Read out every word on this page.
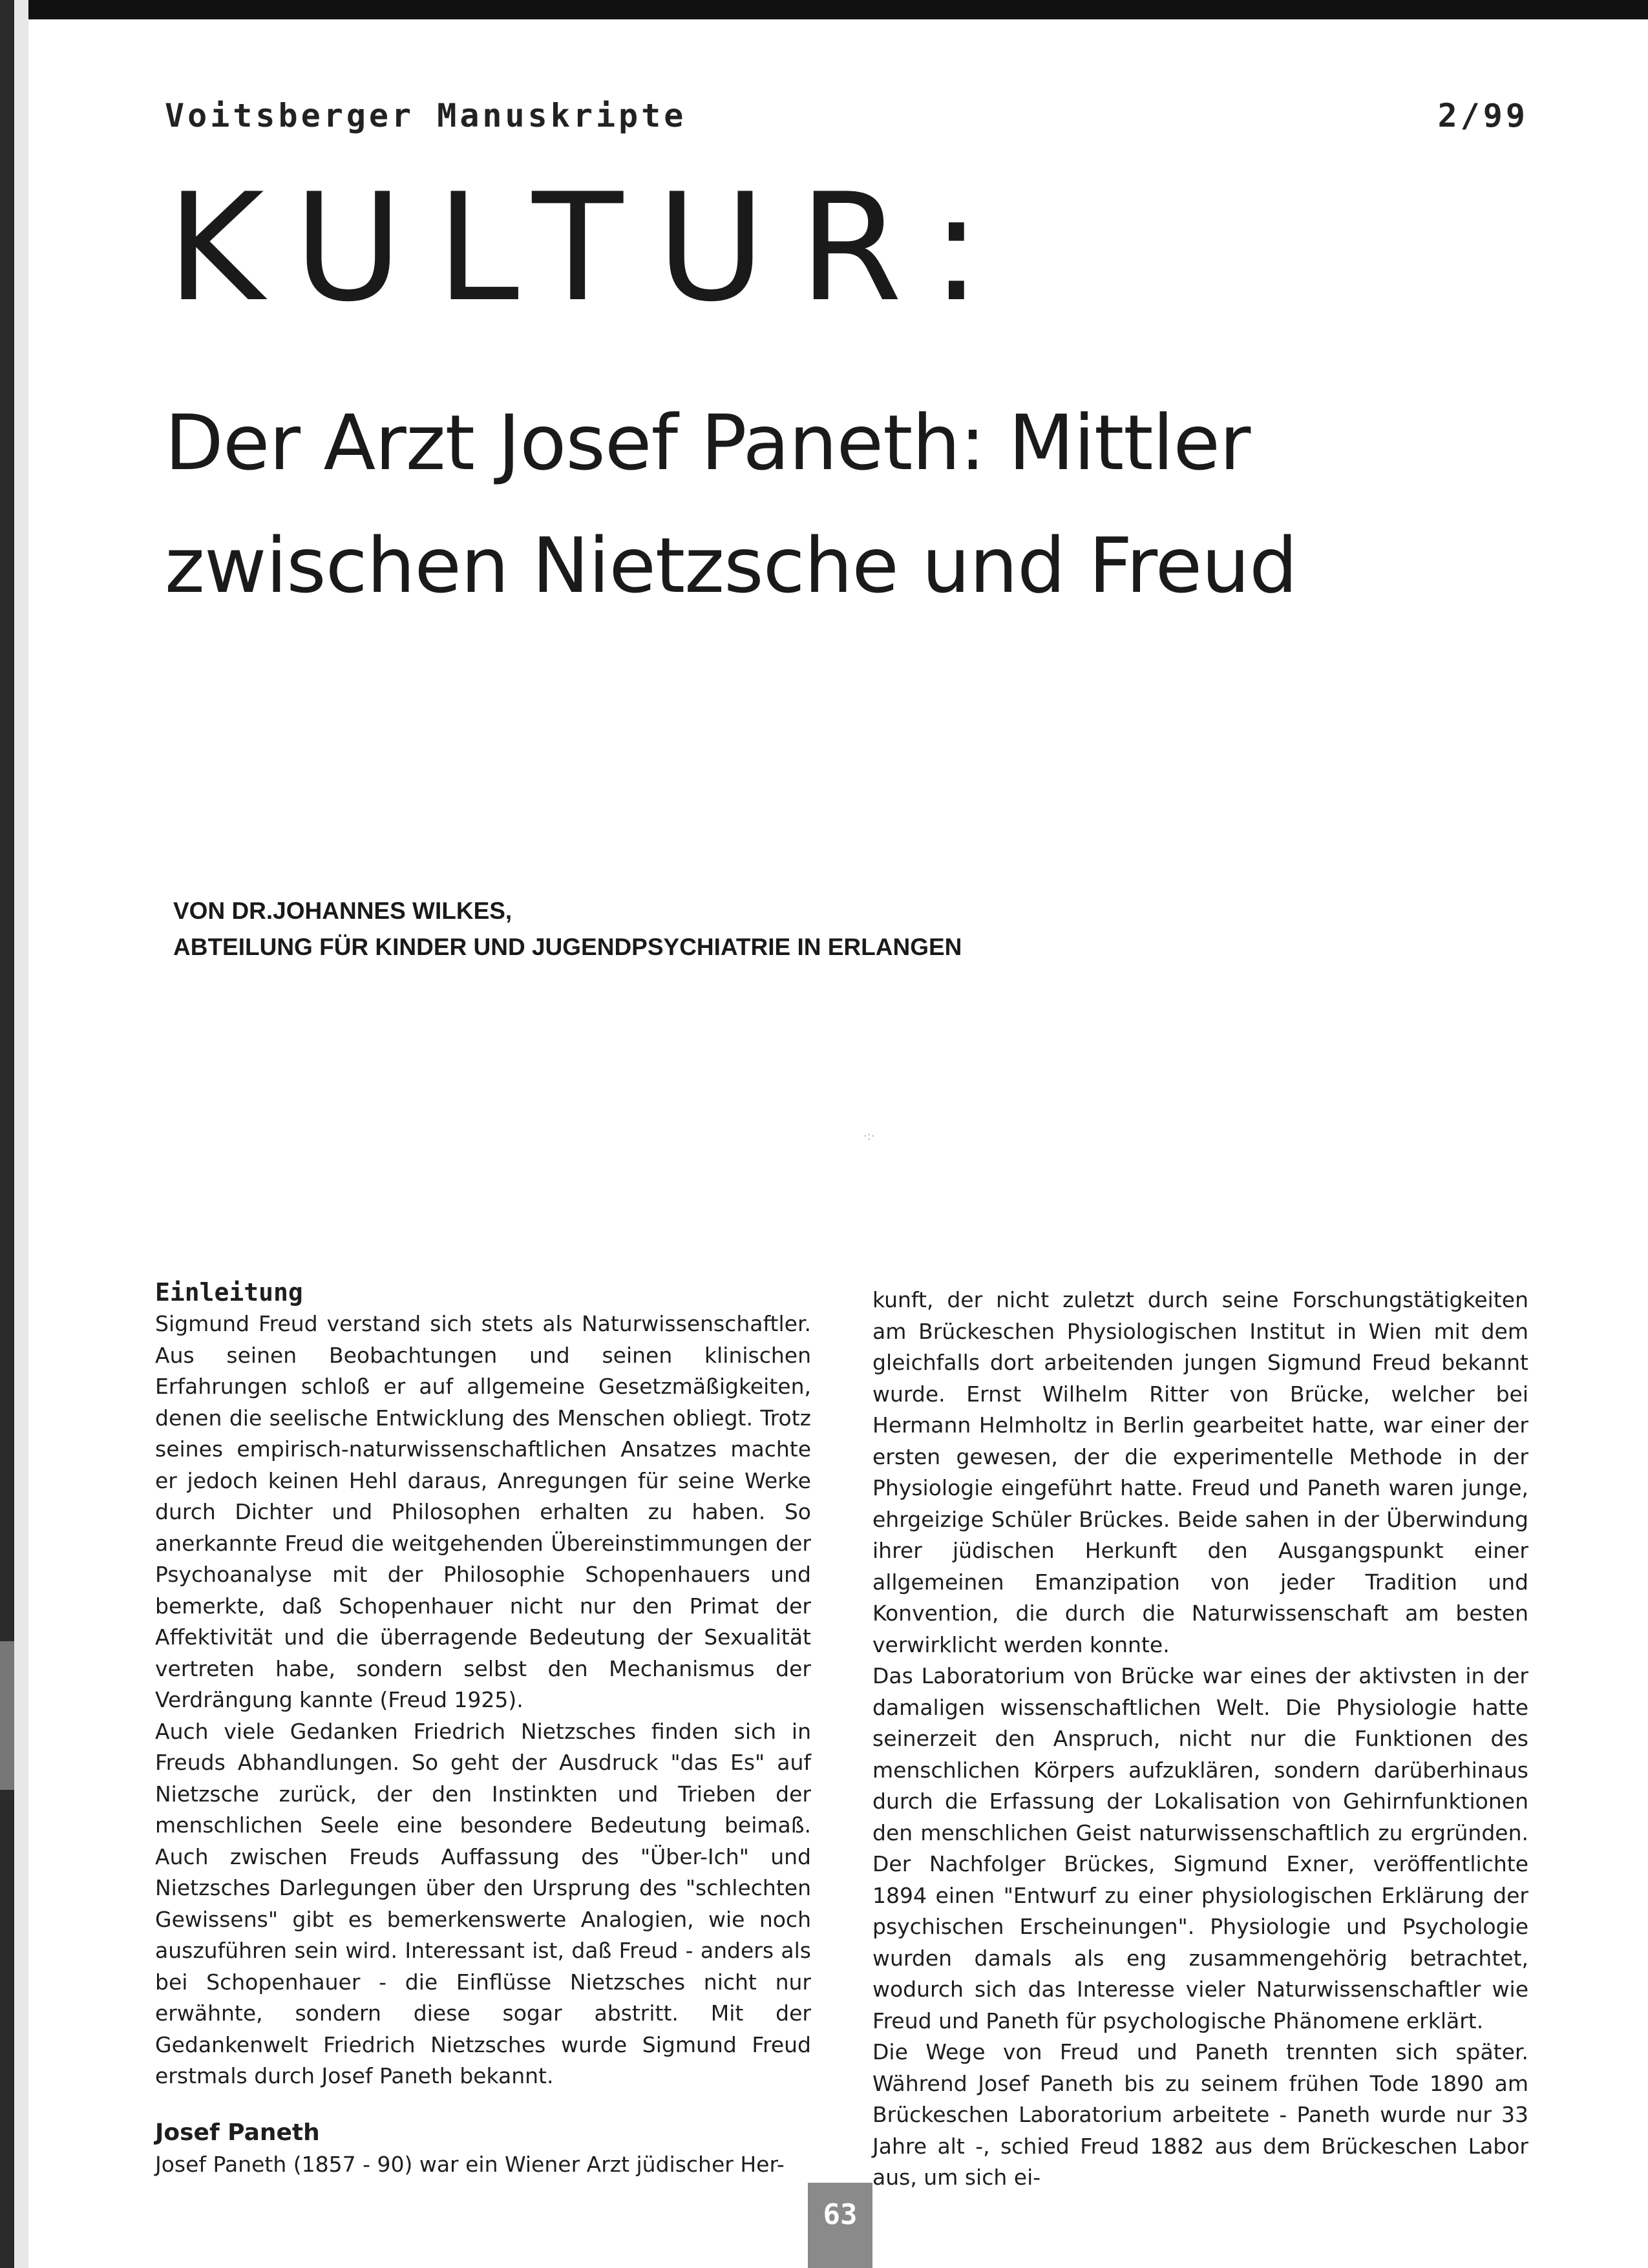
Voitsberger Manuskripte	2/99
KULTUR:
Der Arzt Josef Paneth: Mittler zwischen Nietzsche und Freud
VON DR.JOHANNES WILKES,
ABTEILUNG FÜR KINDER UND JUGENDPSYCHIATRIE IN ERLANGEN
·:·
Einleitung

Sigmund Freud verstand sich stets als Naturwissenschaftler. Aus seinen Beobachtungen und seinen klinischen Erfahrungen schloß er auf allgemeine Gesetzmäßigkeiten, denen die seelische Entwicklung des Menschen obliegt. Trotz seines empirisch-naturwissenschaftlichen Ansatzes machte er jedoch keinen Hehl daraus, Anregungen für seine Werke durch Dichter und Philosophen erhalten zu haben. So anerkannte Freud die weitgehenden Übereinstimmungen der Psychoanalyse mit der Philosophie Schopenhauers und bemerkte, daß Schopenhauer nicht nur den Primat der Affektivität und die überragende Bedeutung der Sexualität vertreten habe, sondern selbst den Mechanismus der Verdrängung kannte (Freud 1925).

Auch viele Gedanken Friedrich Nietzsches finden sich in Freuds Abhandlungen. So geht der Ausdruck "das Es" auf Nietzsche zurück, der den Instinkten und Trieben der menschlichen Seele eine besondere Bedeutung beimaß. Auch zwischen Freuds Auffassung des "Über-Ich" und Nietzsches Darlegungen über den Ursprung des "schlechten Gewissens" gibt es bemerkenswerte Analogien, wie noch auszuführen sein wird. Interessant ist, daß Freud - anders als bei Schopenhauer - die Einflüsse Nietzsches nicht nur erwähnte, sondern diese sogar abstritt. Mit der Gedankenwelt Friedrich Nietzsches wurde Sigmund Freud erstmals durch Josef Paneth bekannt.

Josef Paneth

Josef Paneth (1857 - 90) war ein Wiener Arzt jüdischer Her-

kunft, der nicht zuletzt durch seine Forschungstätigkeiten am Brückeschen Physiologischen Institut in Wien mit dem gleichfalls dort arbeitenden jungen Sigmund Freud bekannt wurde. Ernst Wilhelm Ritter von Brücke, welcher bei Hermann Helmholtz in Berlin gearbeitet hatte, war einer der ersten gewesen, der die experimentelle Methode in der Physiologie eingeführt hatte. Freud und Paneth waren junge, ehrgeizige Schüler Brückes. Beide sahen in der Überwindung ihrer jüdischen Herkunft den Ausgangspunkt einer allgemeinen Emanzipation von jeder Tradition und Konvention, die durch die Naturwissenschaft am besten verwirklicht werden konnte.

Das Laboratorium von Brücke war eines der aktivsten in der damaligen wissenschaftlichen Welt. Die Physiologie hatte seinerzeit den Anspruch, nicht nur die Funktionen des menschlichen Körpers aufzuklären, sondern darüberhinaus durch die Erfassung der Lokalisation von Gehirnfunktionen den menschlichen Geist naturwissenschaftlich zu ergründen. Der Nachfolger Brückes, Sigmund Exner, veröffentlichte 1894 einen "Entwurf zu einer physiologischen Erklärung der psychischen Erscheinungen". Physiologie und Psychologie wurden damals als eng zusammengehörig betrachtet, wodurch sich das Interesse vieler Naturwissenschaftler wie Freud und Paneth für psychologische Phänomene erklärt.

Die Wege von Freud und Paneth trennten sich später. Während Josef Paneth bis zu seinem frühen Tode 1890 am Brückeschen Laboratorium arbeitete - Paneth wurde nur 33 Jahre alt -, schied Freud 1882 aus dem Brückeschen Labor aus, um sich ei-

63
